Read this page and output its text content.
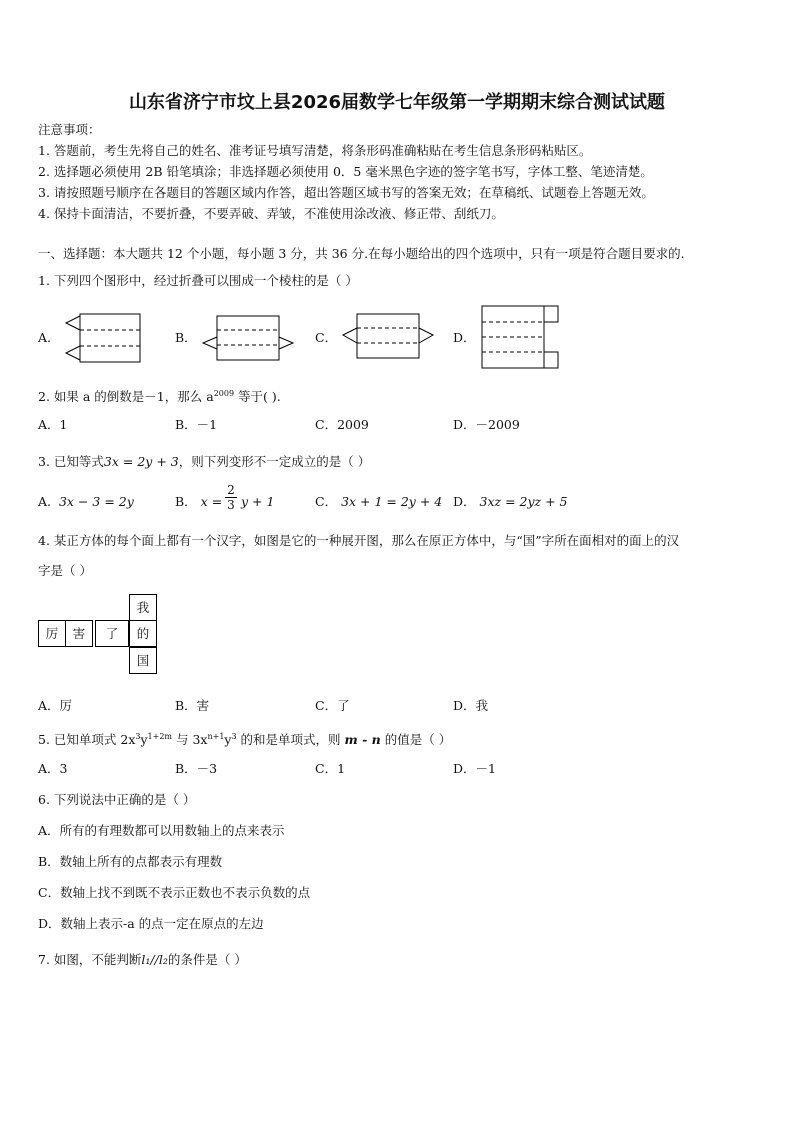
山东省济宁市坟上县2026届数学七年级第一学期期末综合测试试题
注意事项：
1. 答题前，考生先将自己的姓名、准考证号填写清楚，将条形码准确粘贴在考生信息条形码粘贴区。
2. 选择题必须使用 2B 铅笔填涂；非选择题必须使用 0．5 毫米黑色字迹的签字笔书写，字体工整、笔迹清楚。
3. 请按照题号顺序在各题目的答题区域内作答，超出答题区域书写的答案无效；在草稿纸、试题卷上答题无效。
4. 保持卡面清洁，不要折叠，不要弄破、弄皱，不准使用涂改液、修正带、刮纸刀。
一、选择题：本大题共 12 个小题，每小题 3 分，共 36 分.在每小题给出的四个选项中，只有一项是符合题目要求的.
1. 下列四个图形中，经过折叠可以围成一个棱柱的是（ ）
A.	B．	C．	D．
2. 如果 a 的倒数是－1，那么 $a^{2009}$ 等于( ).
A．1	B．－1	C．2009	D．－2009
3. 已知等式3x = 2y + 3，则下列变形不一定成立的是（ ）
A. 3x − 3 = 2y	B． x =
2
3 y + 1	C． 3x + 1 = 2y + 4 D． 3xz = 2yz + 5
4. 某正方体的每个面上都有一个汉字，如图是它的一种展开图，那么在原正方体中，与“国”字所在面相对的面上的汉
字是（ ）
我
厉	害	了	的
国
A．厉	B．害	C．了	D．我
5. 已知单项式 $2x^3y^{1+2m}$ 与 $3x^{n+1}y^3$ 的和是单项式，则 m - n 的值是（ ）
A．3	B．－3	C．1	D．－1
6. 下列说法中正确的是（ ）
A．所有的有理数都可以用数轴上的点来表示
B．数轴上所有的点都表示有理数
C．数轴上找不到既不表示正数也不表示负数的点
D．数轴上表示-a 的点一定在原点的左边
7. 如图，不能判断l₁//l₂的条件是（ ）
